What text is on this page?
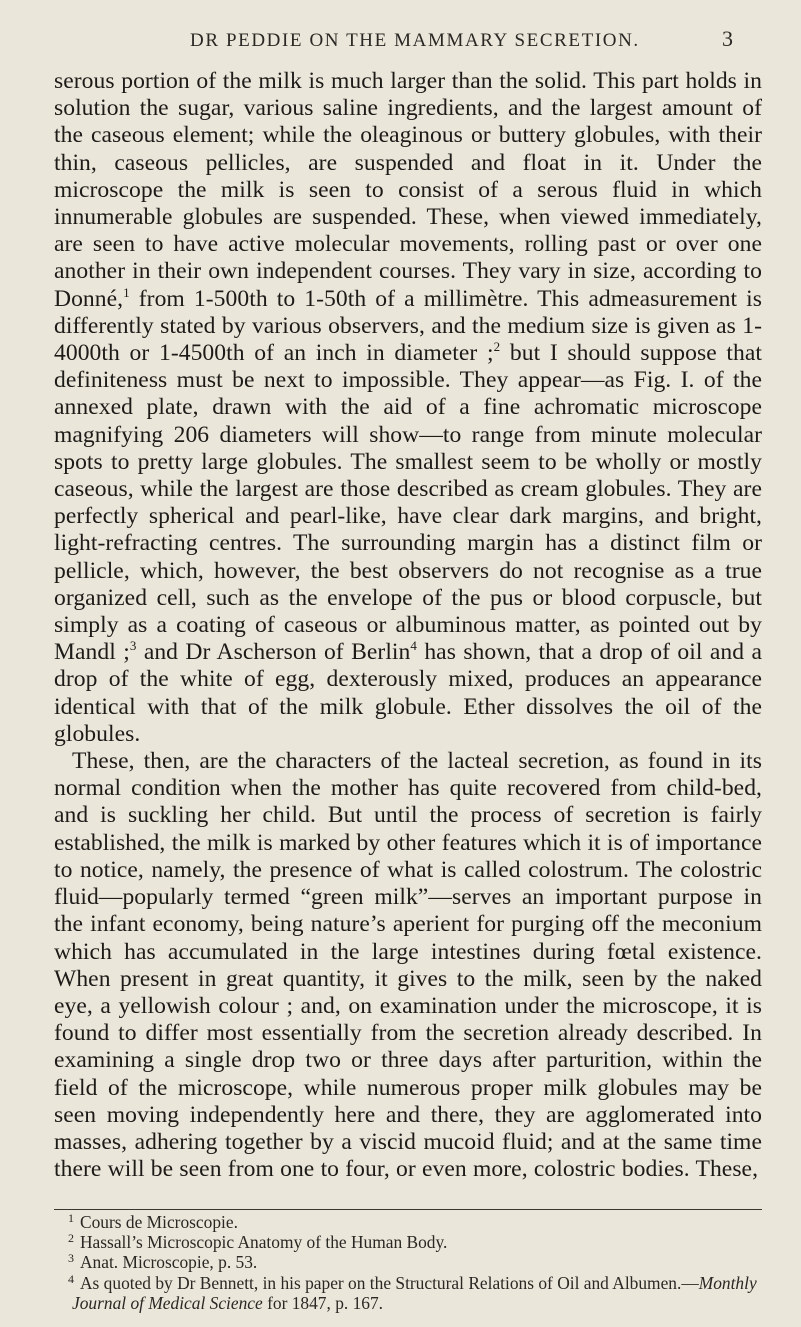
DR PEDDIE ON THE MAMMARY SECRETION.	3

serous portion of the milk is much larger than the solid. This part holds in solution the sugar, various saline ingredients, and the largest amount of the caseous element; while the oleaginous or buttery globules, with their thin, caseous pellicles, are suspended and float in it. Under the microscope the milk is seen to consist of a serous fluid in which innumerable globules are suspended. These, when viewed immediately, are seen to have active molecular movements, rolling past or over one another in their own independent courses. They vary in size, according to Donné,$^1$ from 1-500th to 1-50th of a millimètre. This admeasurement is differently stated by various observers, and the medium size is given as 1-4000th or 1-4500th of an inch in diameter ;$^2$ but I should suppose that definiteness must be next to impossible. They appear—as Fig. I. of the annexed plate, drawn with the aid of a fine achromatic microscope magnifying 206 diameters will show—to range from minute molecular spots to pretty large globules. The smallest seem to be wholly or mostly caseous, while the largest are those described as cream globules. They are perfectly spherical and pearl-like, have clear dark margins, and bright, light-refracting centres. The surrounding margin has a distinct film or pellicle, which, however, the best observers do not recognise as a true organized cell, such as the envelope of the pus or blood corpuscle, but simply as a coating of caseous or albuminous matter, as pointed out by Mandl ;$^3$ and Dr Ascherson of Berlin$^4$ has shown, that a drop of oil and a drop of the white of egg, dexterously mixed, produces an appearance identical with that of the milk globule. Ether dissolves the oil of the globules.

These, then, are the characters of the lacteal secretion, as found in its normal condition when the mother has quite recovered from child-bed, and is suckling her child. But until the process of secretion is fairly established, the milk is marked by other features which it is of importance to notice, namely, the presence of what is called colostrum. The colostric fluid—popularly termed “green milk”—serves an important purpose in the infant economy, being nature’s aperient for purging off the meconium which has accumulated in the large intestines during fœtal existence. When present in great quantity, it gives to the milk, seen by the naked eye, a yellowish colour ; and, on examination under the microscope, it is found to differ most essentially from the secretion already described. In examining a single drop two or three days after parturition, within the field of the microscope, while numerous proper milk globules may be seen moving independently here and there, they are agglomerated into masses, adhering together by a viscid mucoid fluid; and at the same time there will be seen from one to four, or even more, colostric bodies. These,

$^1$ Cours de Microscopie.

$^2$ Hassall’s Microscopic Anatomy of the Human Body.

$^3$ Anat. Microscopie, p. 53.

$^4$ As quoted by Dr Bennett, in his paper on the Structural Relations of Oil and Albumen.—Monthly Journal of Medical Science for 1847, p. 167.
